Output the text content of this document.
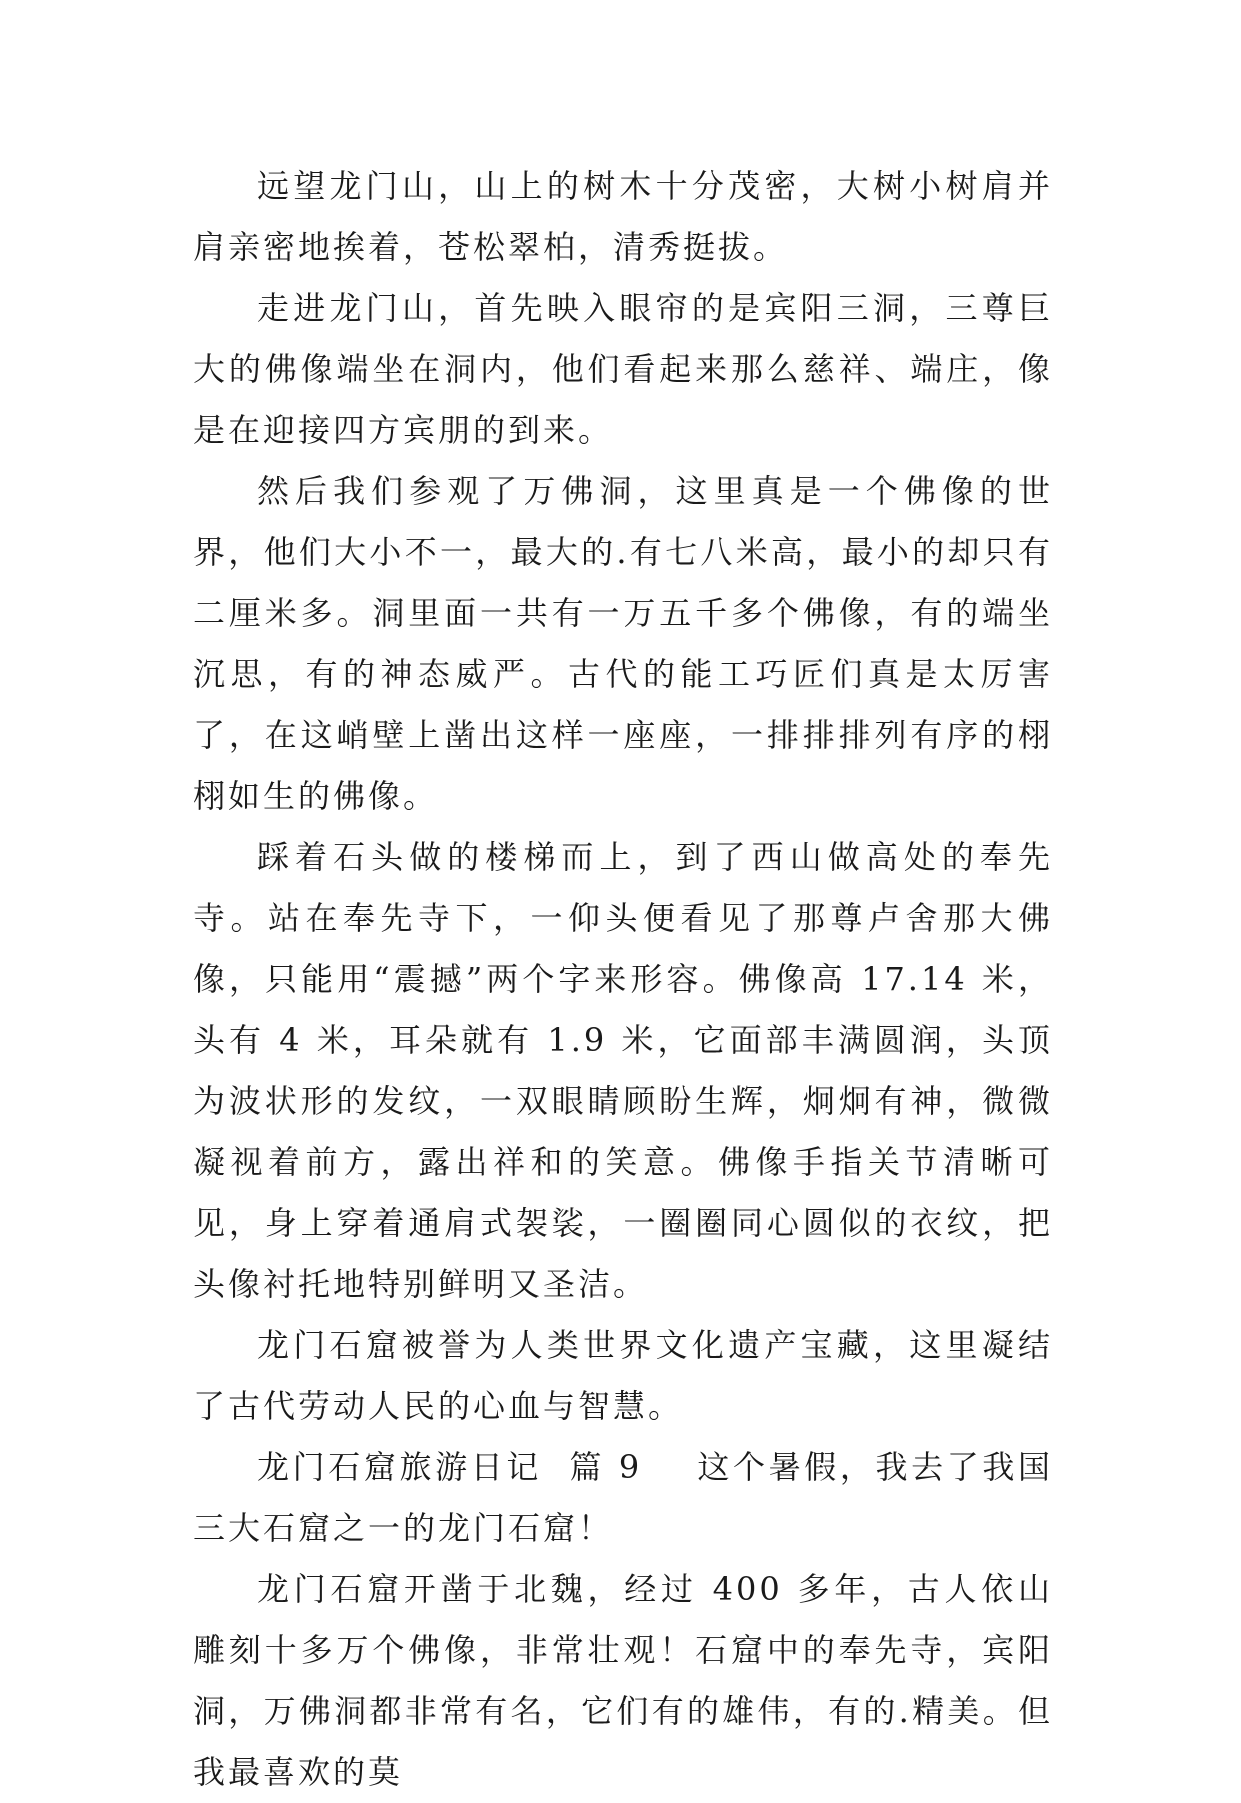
远望龙门山，山上的树木十分茂密，大树小树肩并肩亲密地挨着，苍松翠柏，清秀挺拔。

走进龙门山，首先映入眼帘的是宾阳三洞，三尊巨大的佛像端坐在洞内，他们看起来那么慈祥、端庄，像是在迎接四方宾朋的到来。

然后我们参观了万佛洞，这里真是一个佛像的世界，他们大小不一，最大的.有七八米高，最小的却只有二厘米多。洞里面一共有一万五千多个佛像，有的端坐沉思，有的神态威严。古代的能工巧匠们真是太厉害了，在这峭壁上凿出这样一座座，一排排排列有序的栩栩如生的佛像。

踩着石头做的楼梯而上，到了西山做高处的奉先寺。站在奉先寺下，一仰头便看见了那尊卢舍那大佛像，只能用“震撼”两个字来形容。佛像高 17.14 米，头有 4 米，耳朵就有 1.9 米，它面部丰满圆润，头顶为波状形的发纹，一双眼睛顾盼生辉，炯炯有神，微微凝视着前方，露出祥和的笑意。佛像手指关节清晰可见，身上穿着通肩式袈裟，一圈圈同心圆似的衣纹，把头像衬托地特别鲜明又圣洁。

龙门石窟被誉为人类世界文化遗产宝藏，这里凝结了古代劳动人民的心血与智慧。

龙门石窟旅游日记  篇 9    这个暑假，我去了我国三大石窟之一的龙门石窟！

龙门石窟开凿于北魏，经过 400 多年，古人依山雕刻十多万个佛像，非常壮观！石窟中的奉先寺，宾阳洞，万佛洞都非常有名，它们有的雄伟，有的.精美。但我最喜欢的莫
